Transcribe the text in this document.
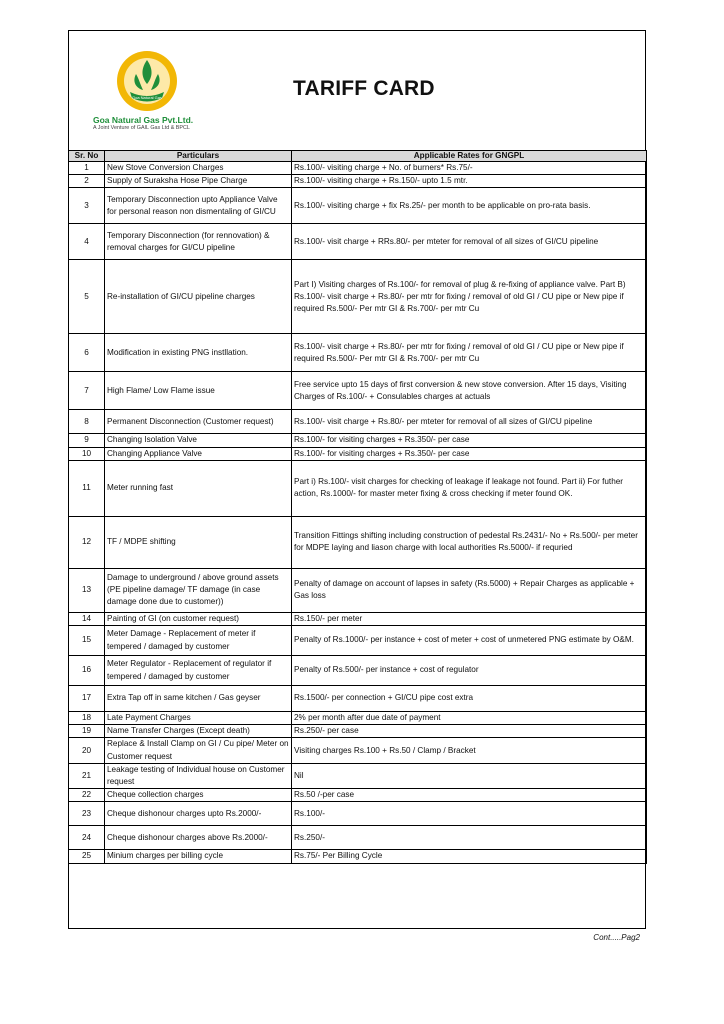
Goa Natural Gas
Goa Natural Gas Pvt.Ltd.
A Joint Venture of GAIL Gas Ltd & BPCL
TARIFF CARD
Sr. No	Particulars	Applicable Rates for GNGPL
1	New Stove Conversion Charges	Rs.100/- visiting charge + No. of burners* Rs.75/-
2	Supply of Suraksha Hose Pipe Charge	Rs.100/- visiting charge + Rs.150/- upto 1.5 mtr.
3	Temporary Disconnection upto Appliance Valve for personal reason non dismentaling of GI/CU	Rs.100/- visiting charge + fix Rs.25/- per month to be applicable on pro-rata basis.
4	Temporary Disconnection (for rennovation) & removal charges for GI/CU pipeline	Rs.100/- visit charge + RRs.80/- per mteter for removal of all sizes of GI/CU pipeline
5	Re-installation of GI/CU pipeline charges	Part I) Visiting charges of Rs.100/- for removal of plug & re-fixing of appliance valve. Part B) Rs.100/- visit charge + Rs.80/- per mtr for fixing / removal of old GI / CU pipe or New pipe if required Rs.500/- Per mtr GI & Rs.700/- per mtr Cu
6	Modification in existing PNG instllation.	Rs.100/- visit charge + Rs.80/- per mtr for fixing / removal of old GI / CU pipe or New pipe if required Rs.500/- Per mtr GI & Rs.700/- per mtr Cu
7	High Flame/ Low Flame issue	Free service upto 15 days of first conversion & new stove conversion. After 15 days, Visiting Charges of Rs.100/- + Consulables charges at actuals
8	Permanent Disconnection (Customer request)	Rs.100/- visit charge + Rs.80/- per mteter for removal of all sizes of GI/CU pipeline
9	Changing Isolation Valve	Rs.100/- for visiting charges + Rs.350/- per case
10	Changing Appliance Valve	Rs.100/- for visiting charges + Rs.350/- per case
11	Meter running fast	Part i) Rs.100/- visit charges for checking of leakage if leakage not found. Part ii) For futher action, Rs.1000/- for master meter fixing & cross checking if meter found OK.
12	TF / MDPE shifting	Transition Fittings shifting including construction of pedestal Rs.2431/- No + Rs.500/- per meter for MDPE laying and liason charge with local authorities Rs.5000/- if requried
13	Damage to underground / above ground assets (PE pipeline damage/ TF damage (in case damage done due to customer))	Penalty of damage on account of lapses in safety (Rs.5000) + Repair Charges as applicable + Gas loss
14	Painting of GI (on customer request)	Rs.150/- per meter
15	Meter Damage - Replacement of meter if tempered / damaged by customer	Penalty of Rs.1000/- per instance + cost of meter + cost of unmetered PNG estimate by O&M.
16	Meter Regulator - Replacement of regulator if tempered / damaged by customer	Penalty of Rs.500/- per instance + cost of regulator
17	Extra Tap off in same kitchen / Gas geyser	Rs.1500/- per connection + GI/CU pipe cost extra
18	Late Payment Charges	2% per month after due date of payment
19	Name Transfer Charges (Except death)	Rs.250/- per case
20	Replace & Install Clamp on GI / Cu pipe/ Meter on Customer request	Visiting charges Rs.100 + Rs.50 / Clamp / Bracket
21	Leakage testing of Individual house on Customer request	Nil
22	Cheque collection charges	Rs.50 /-per case
23	Cheque dishonour charges upto Rs.2000/-	Rs.100/-
24	Cheque dishonour charges above Rs.2000/-	Rs.250/-
25	Minium charges per billing cycle	Rs.75/- Per Billing Cycle
Cont.....Pag2
